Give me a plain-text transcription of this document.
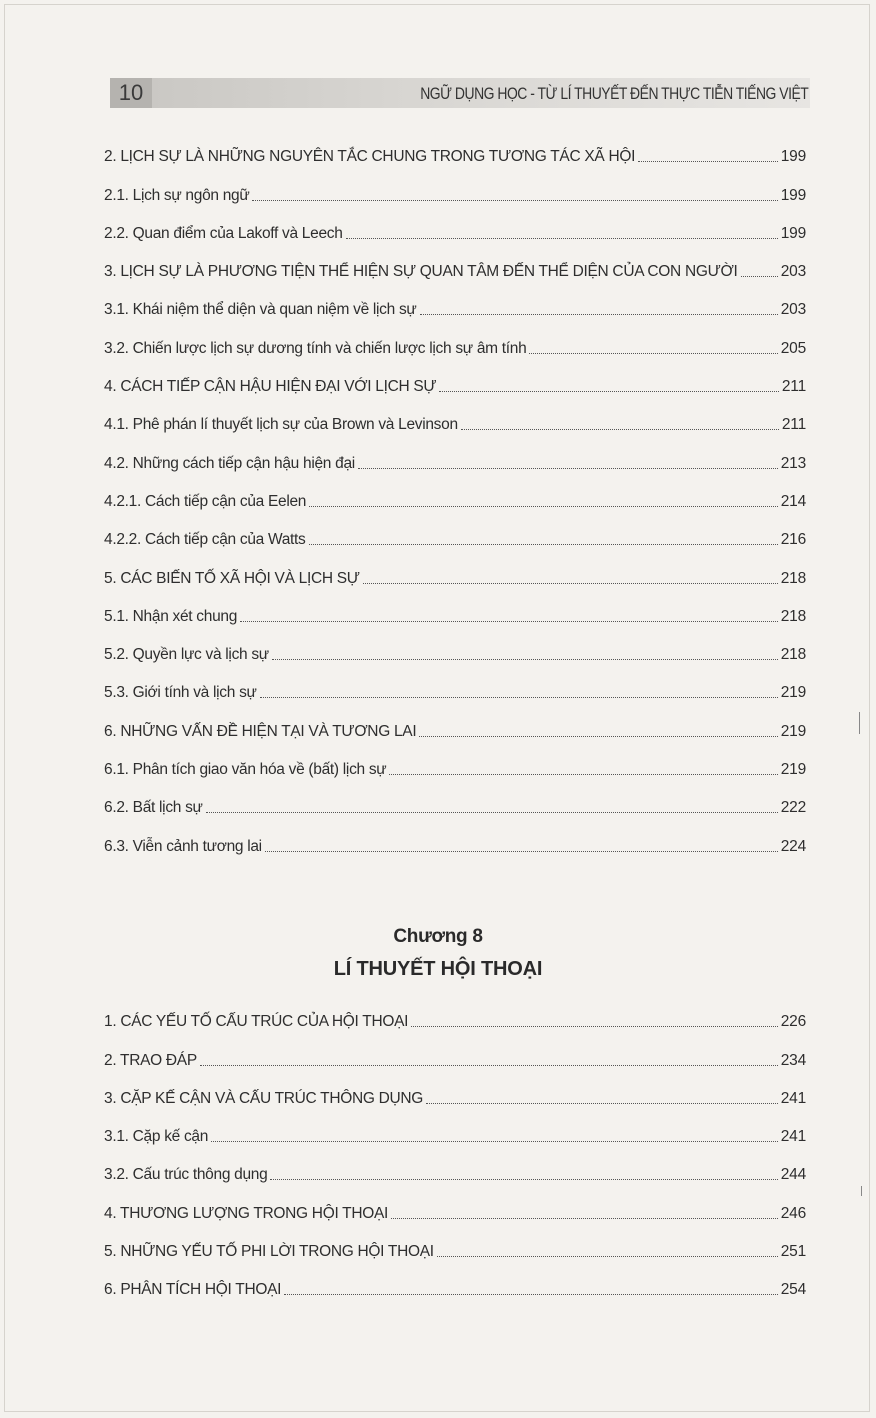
10	NGỮ DỤNG HỌC - TỪ LÍ THUYẾT ĐẾN THỰC TIỄN TIẾNG VIỆT
2. LỊCH SỰ LÀ NHỮNG NGUYÊN TẮC CHUNG TRONG TƯƠNG TÁC XÃ HỘI	199
2.1. Lịch sự ngôn ngữ	199
2.2. Quan điểm của Lakoff và Leech	199
3. LỊCH SỰ LÀ PHƯƠNG TIỆN THỂ HIỆN SỰ QUAN TÂM ĐẾN THỂ DIỆN CỦA CON NGƯỜI	203
3.1. Khái niệm thể diện và quan niệm về lịch sự	203
3.2. Chiến lược lịch sự dương tính và chiến lược lịch sự âm tính	205
4. CÁCH TIẾP CẬN HẬU HIỆN ĐẠI VỚI LỊCH SỰ	211
4.1. Phê phán lí thuyết lịch sự của Brown và Levinson	211
4.2. Những cách tiếp cận hậu hiện đại	213
4.2.1. Cách tiếp cận của Eelen	214
4.2.2. Cách tiếp cận của Watts	216
5. CÁC BIẾN TỐ XÃ HỘI VÀ LỊCH SỰ	218
5.1. Nhận xét chung	218
5.2. Quyền lực và lịch sự	218
5.3. Giới tính và lịch sự	219
6. NHỮNG VẤN ĐỀ HIỆN TẠI VÀ TƯƠNG LAI	219
6.1. Phân tích giao văn hóa về (bất) lịch sự	219
6.2. Bất lịch sự	222
6.3. Viễn cảnh tương lai	224
Chương 8
LÍ THUYẾT HỘI THOẠI
1. CÁC YẾU TỐ CẤU TRÚC CỦA HỘI THOẠI	226
2. TRAO ĐÁP	234
3. CẶP KẾ CẬN VÀ CẤU TRÚC THÔNG DỤNG	241
3.1. Cặp kế cận	241
3.2. Cấu trúc thông dụng	244
4. THƯƠNG LƯỢNG TRONG HỘI THOẠI	246
5. NHỮNG YẾU TỐ PHI LỜI TRONG HỘI THOẠI	251
6. PHÂN TÍCH HỘI THOẠI	254
